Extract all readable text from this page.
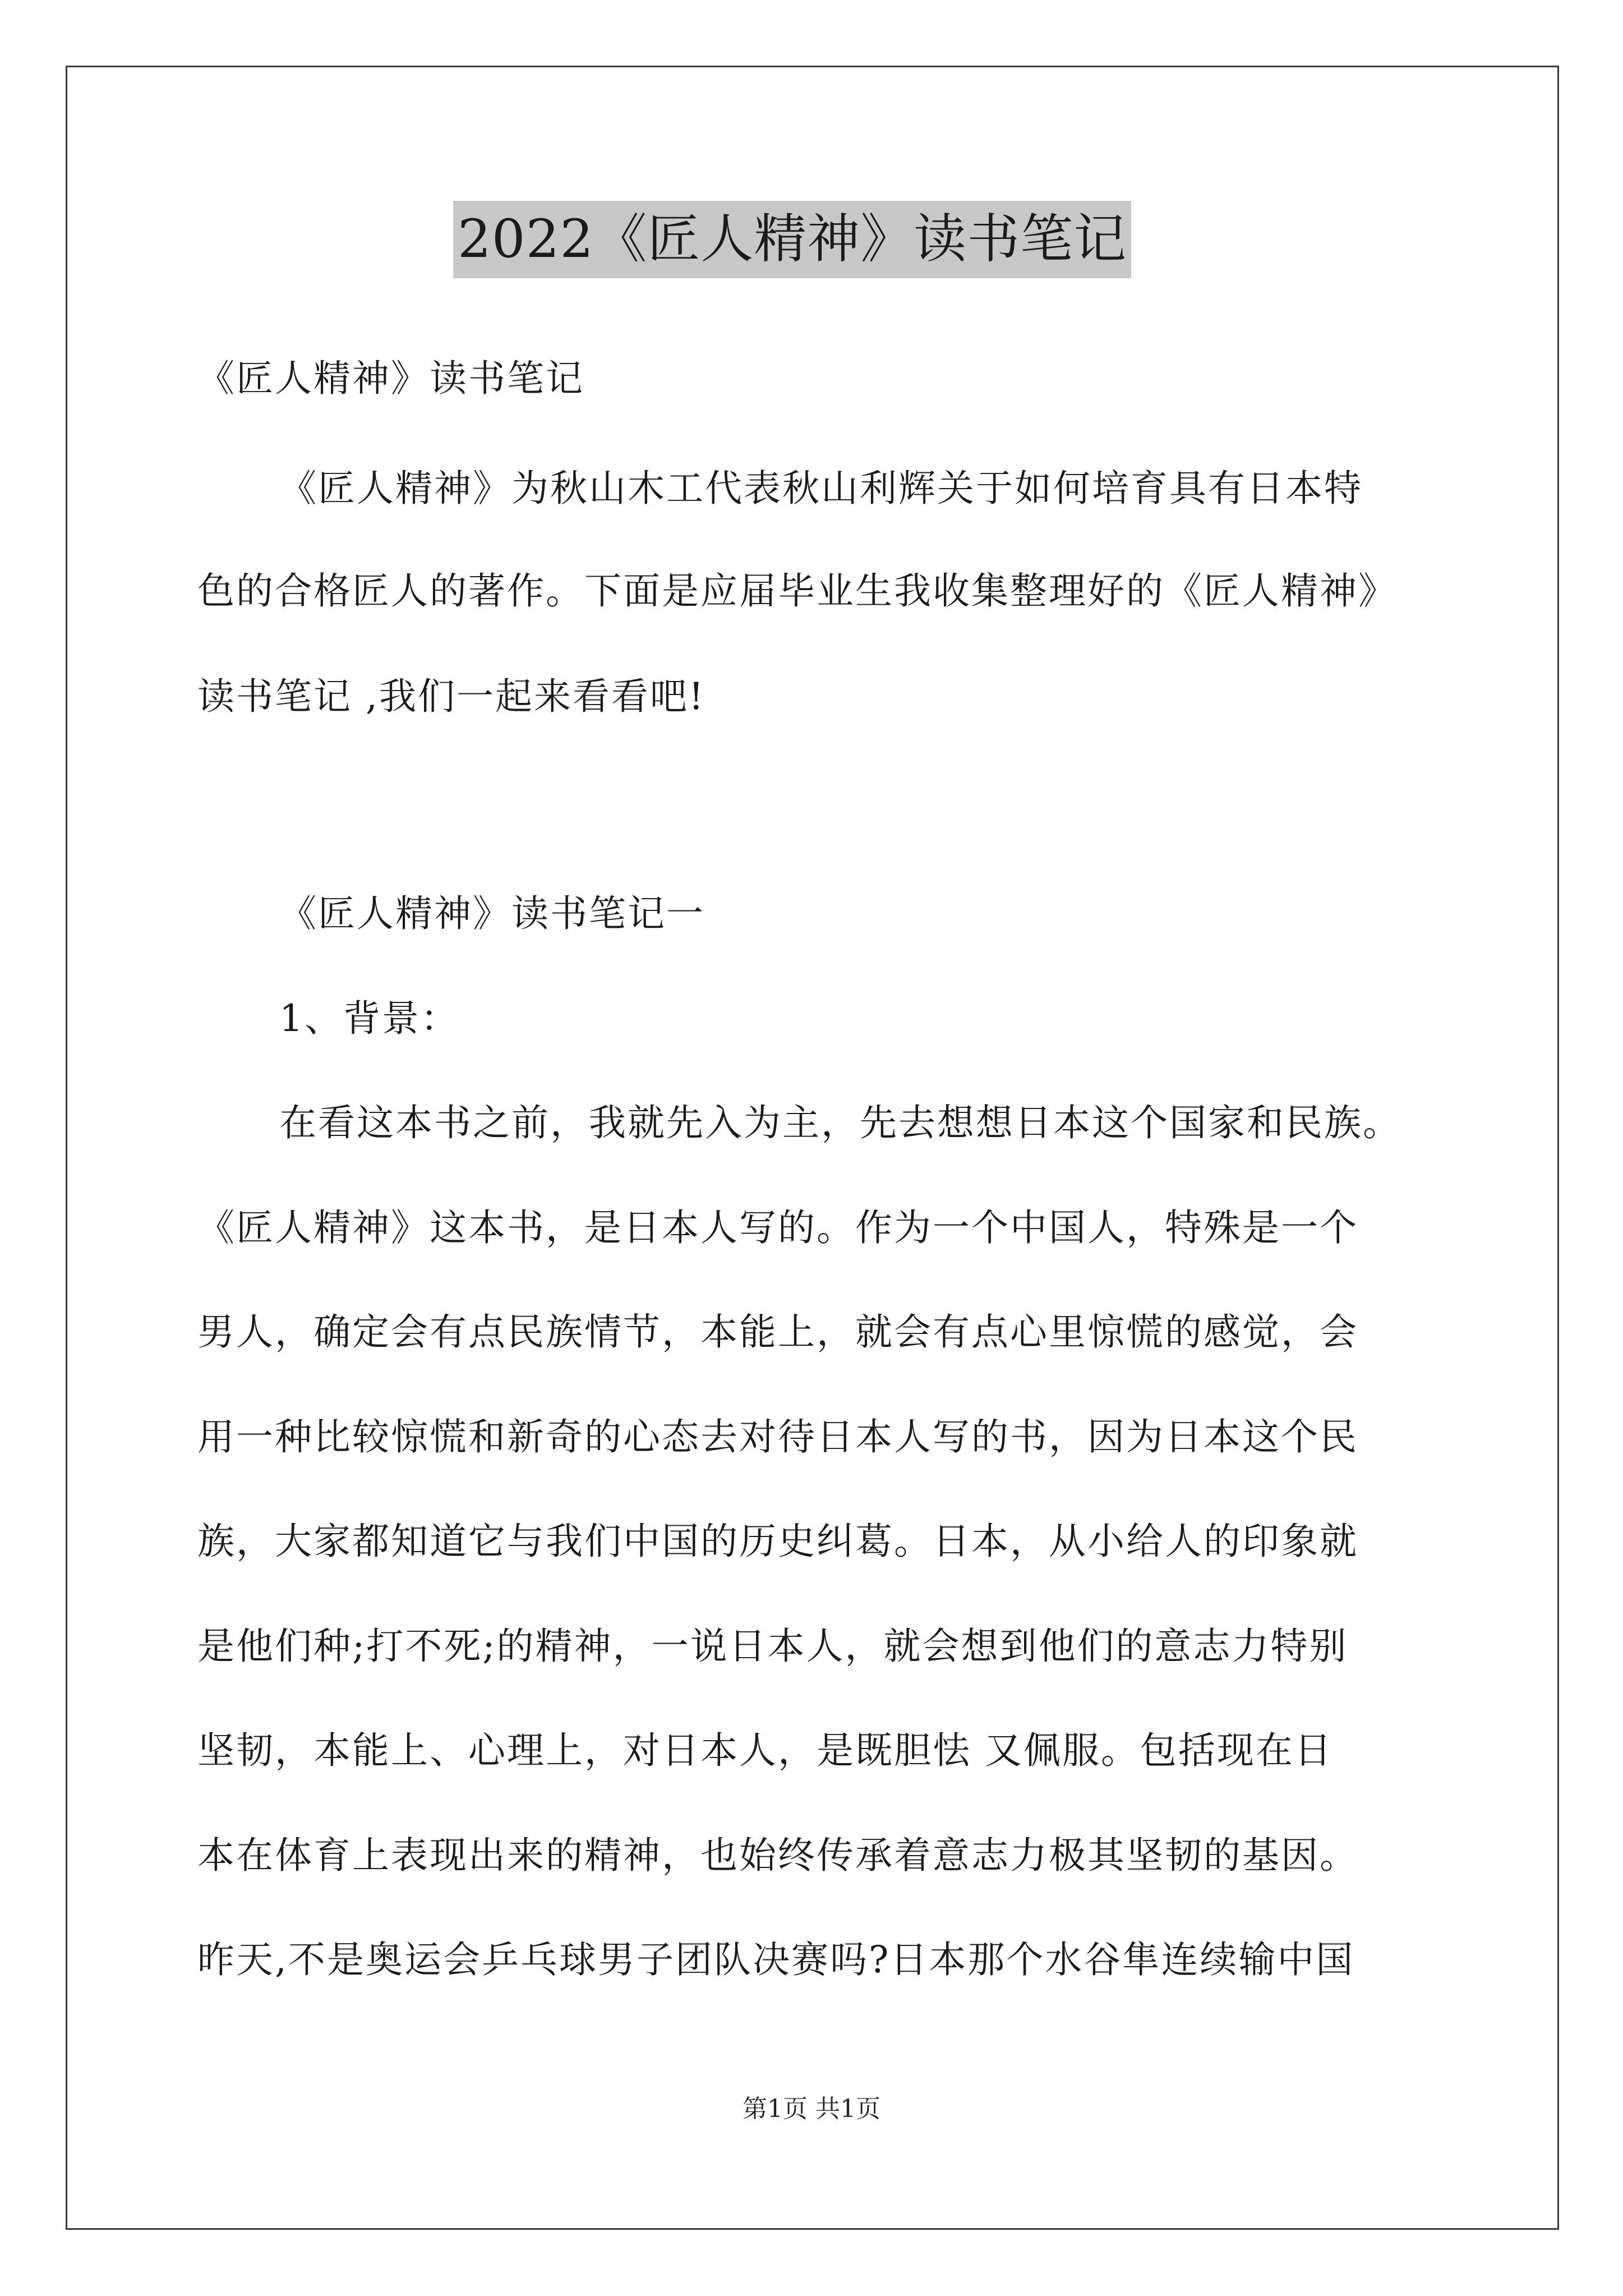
2022《匠人精神》读书笔记
《匠人精神》读书笔记
《匠人精神》为秋山木工代表秋山利辉关于如何培育具有日本特
色的合格匠人的著作。下面是应届毕业生我收集整理好的《匠人精神》
读书笔记 ,我们一起来看看吧!
《匠人精神》读书笔记一
1、背景：
在看这本书之前，我就先入为主，先去想想日本这个国家和民族。
《匠人精神》这本书，是日本人写的。作为一个中国人，特殊是一个
男人，确定会有点民族情节，本能上，就会有点心里惊慌的感觉，会
用一种比较惊慌和新奇的心态去对待日本人写的书，因为日本这个民
族，大家都知道它与我们中国的历史纠葛。日本，从小给人的印象就
是他们种;打不死;的精神，一说日本人，就会想到他们的意志力特别
坚韧，本能上、心理上，对日本人，是既胆怯 又佩服。包括现在日
本在体育上表现出来的精神，也始终传承着意志力极其坚韧的基因。
昨天,不是奥运会乒乓球男子团队决赛吗?日本那个水谷隼连续输中国
第1页 共1页
